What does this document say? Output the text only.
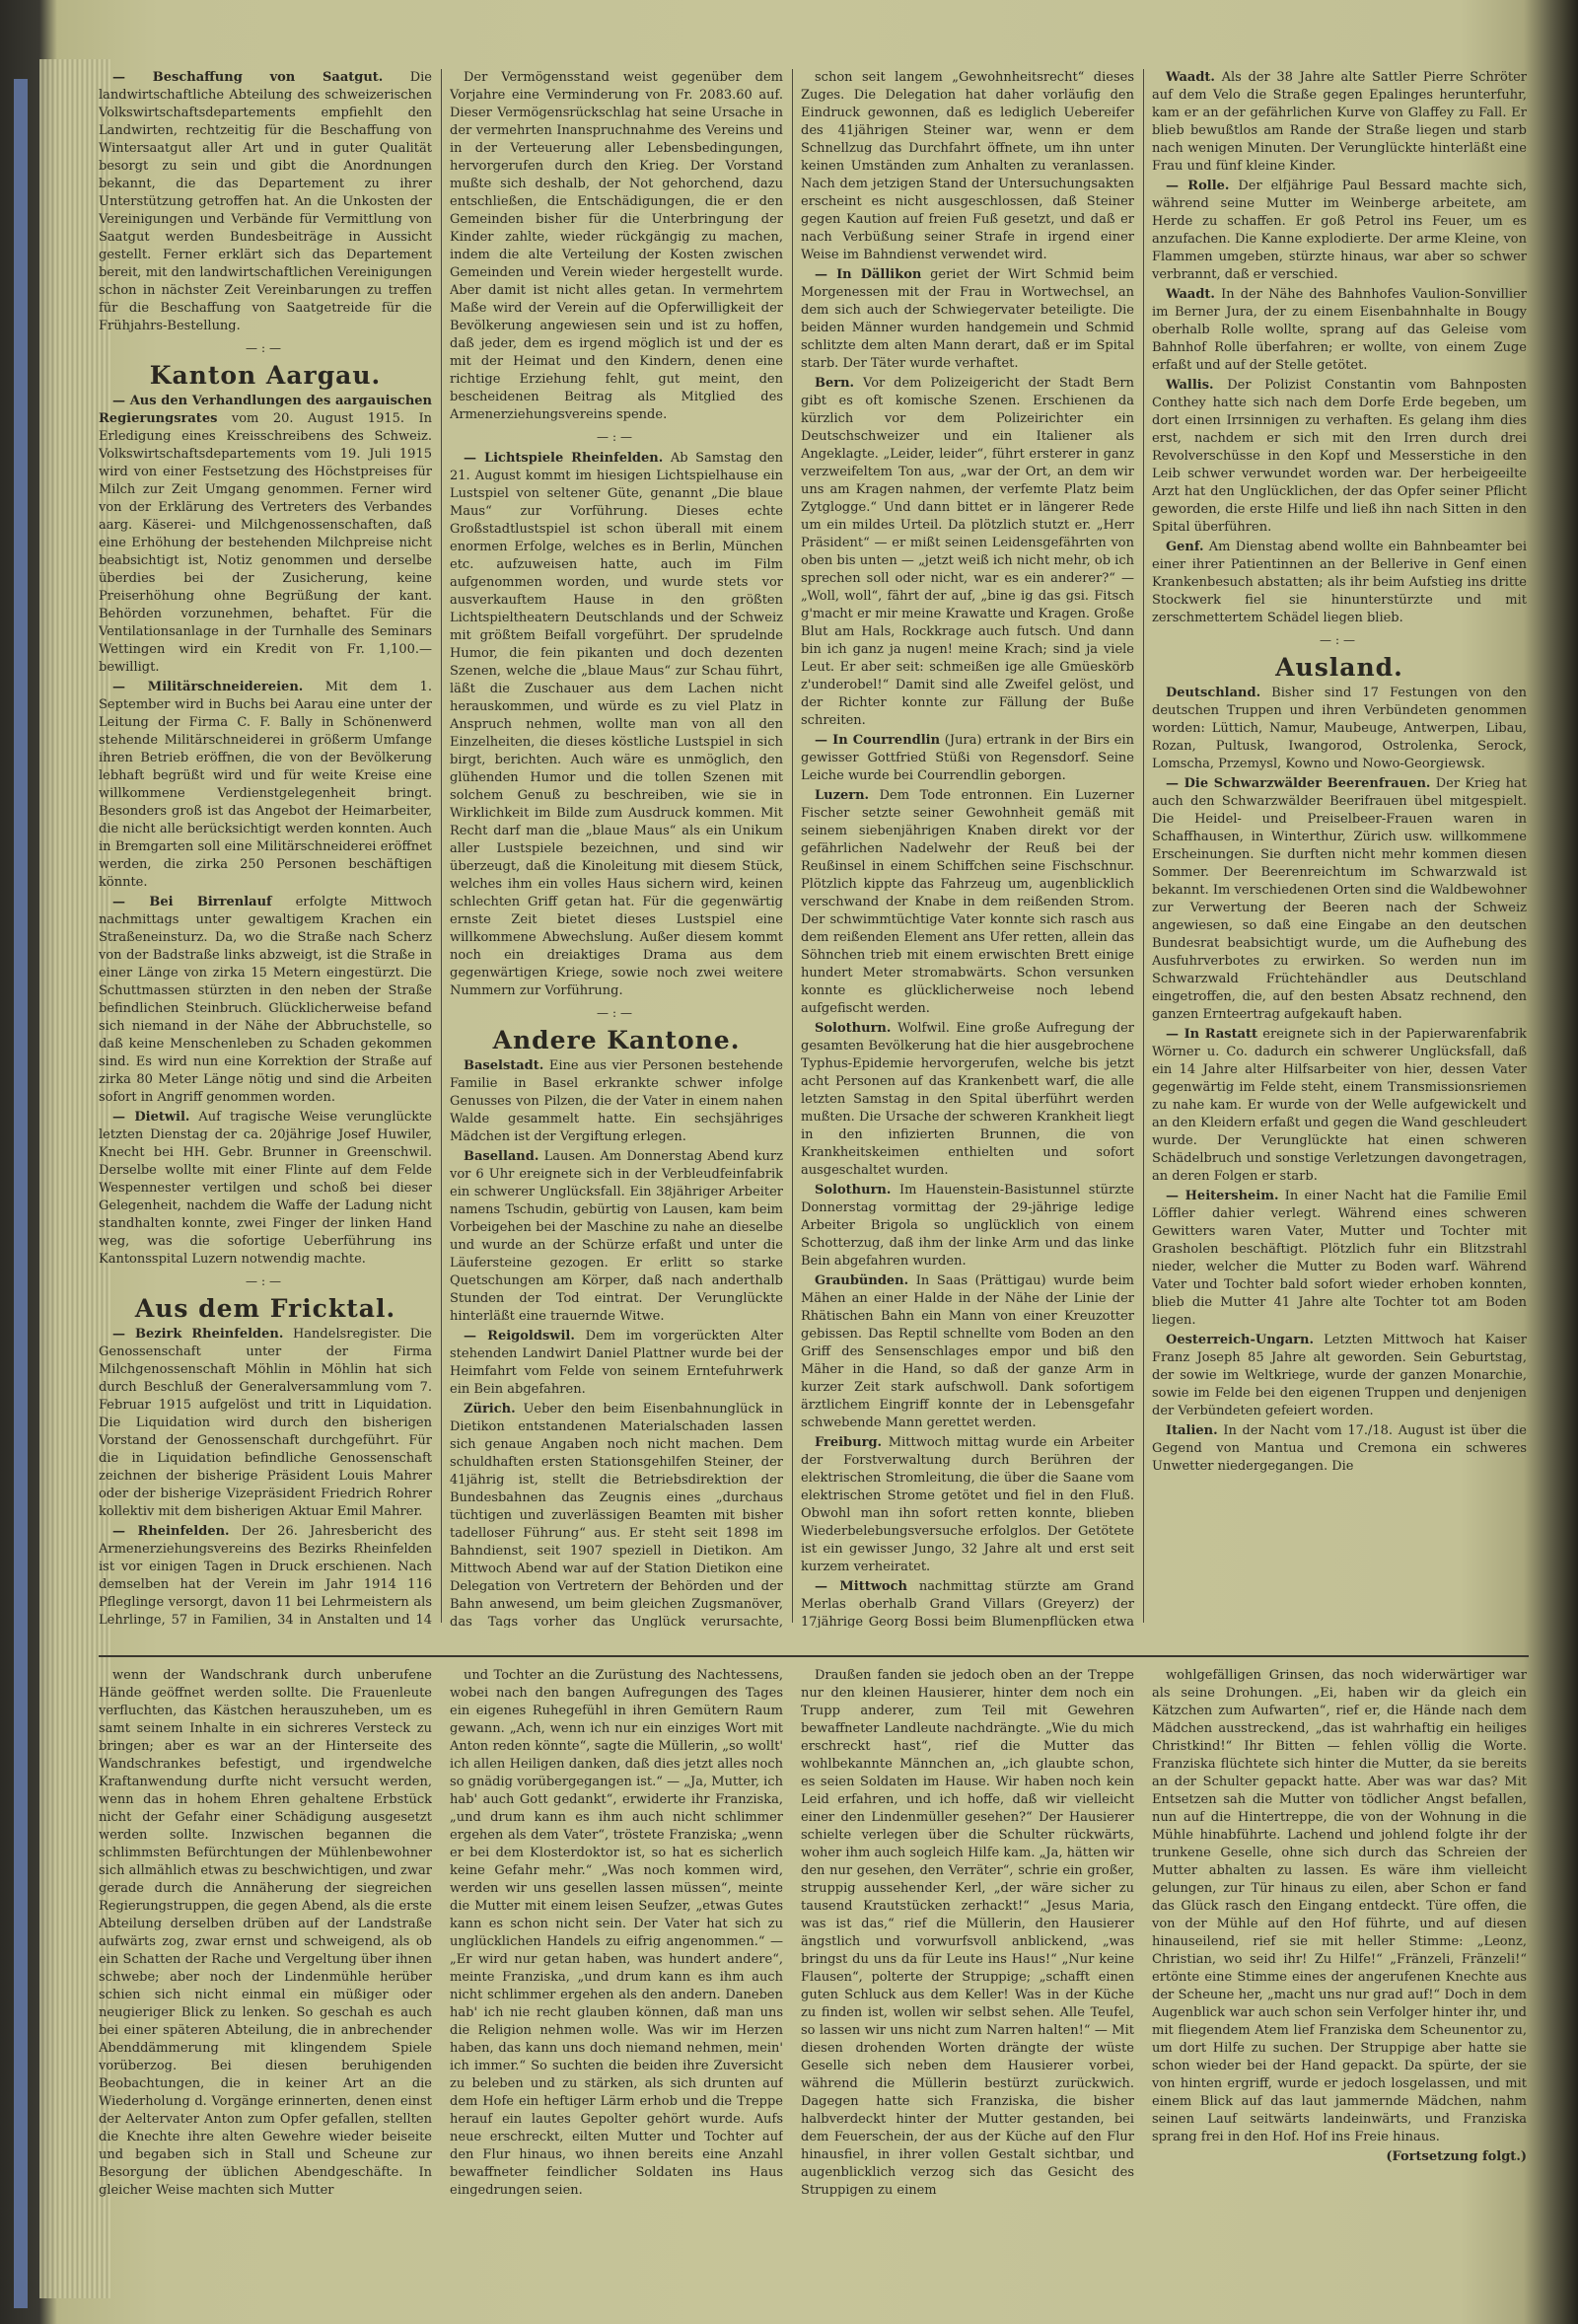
— Beschaffung von Saatgut. Die landwirtschaftliche Abteilung des schweizerischen Volkswirtschaftsdepartements empfiehlt den Landwirten, rechtzeitig für die Beschaffung von Wintersaatgut aller Art und in guter Qualität besorgt zu sein und gibt die Anordnungen bekannt, die das Departement zu ihrer Unterstützung getroffen hat. An die Unkosten der Vereinigungen und Verbände für Vermittlung von Saatgut werden Bundesbeiträge in Aussicht gestellt. Ferner erklärt sich das Departement bereit, mit den landwirtschaftlichen Vereinigungen schon in nächster Zeit Vereinbarungen zu treffen für die Beschaffung von Saatgetreide für die Frühjahrs-Bestellung.

—:—
Kanton Aargau.

— Aus den Verhandlungen des aargauischen Regierungsrates vom 20. August 1915. In Erledigung eines Kreisschreibens des Schweiz. Volkswirtschaftsdepartements vom 19. Juli 1915 wird von einer Festsetzung des Höchstpreises für Milch zur Zeit Umgang genommen. Ferner wird von der Erklärung des Vertreters des Verbandes aarg. Käserei- und Milchgenossenschaften, daß eine Erhöhung der bestehenden Milchpreise nicht beabsichtigt ist, Notiz genommen und derselbe überdies bei der Zusicherung, keine Preiserhöhung ohne Begrüßung der kant. Behörden vorzunehmen, behaftet. Für die Ventilationsanlage in der Turnhalle des Seminars Wettingen wird ein Kredit von Fr. 1,100.— bewilligt.

— Militärschneidereien. Mit dem 1. September wird in Buchs bei Aarau eine unter der Leitung der Firma C. F. Bally in Schönenwerd stehende Militärschneiderei in größerm Umfange ihren Betrieb eröffnen, die von der Bevölkerung lebhaft begrüßt wird und für weite Kreise eine willkommene Verdienstgelegenheit bringt. Besonders groß ist das Angebot der Heimarbeiter, die nicht alle berücksichtigt werden konnten. Auch in Bremgarten soll eine Militärschneiderei eröffnet werden, die zirka 250 Personen beschäftigen könnte.

— Bei Birrenlauf erfolgte Mittwoch nachmittags unter gewaltigem Krachen ein Straßeneinsturz. Da, wo die Straße nach Scherz von der Badstraße links abzweigt, ist die Straße in einer Länge von zirka 15 Metern eingestürzt. Die Schuttmassen stürzten in den neben der Straße befindlichen Steinbruch. Glücklicherweise befand sich niemand in der Nähe der Abbruchstelle, so daß keine Menschenleben zu Schaden gekommen sind. Es wird nun eine Korrektion der Straße auf zirka 80 Meter Länge nötig und sind die Arbeiten sofort in Angriff genommen worden.

— Dietwil. Auf tragische Weise verunglückte letzten Dienstag der ca. 20jährige Josef Huwiler, Knecht bei HH. Gebr. Brunner in Greenschwil. Derselbe wollte mit einer Flinte auf dem Felde Wespennester vertilgen und schoß bei dieser Gelegenheit, nachdem die Waffe der Ladung nicht standhalten konnte, zwei Finger der linken Hand weg, was die sofortige Ueberführung ins Kantonsspital Luzern notwendig machte.

—:—
Aus dem Fricktal.

— Bezirk Rheinfelden. Handelsregister. Die Genossenschaft unter der Firma Milchgenossenschaft Möhlin in Möhlin hat sich durch Beschluß der Generalversammlung vom 7. Februar 1915 aufgelöst und tritt in Liquidation. Die Liquidation wird durch den bisherigen Vorstand der Genossenschaft durchgeführt. Für die in Liquidation befindliche Genossenschaft zeichnen der bisherige Präsident Louis Mahrer oder der bisherige Vizepräsident Friedrich Rohrer kollektiv mit dem bisherigen Aktuar Emil Mahrer.

— Rheinfelden. Der 26. Jahresbericht des Armenerziehungsvereins des Bezirks Rheinfelden ist vor einigen Tagen in Druck erschienen. Nach demselben hat der Verein im Jahr 1914 116 Pfleglinge versorgt, davon 11 bei Lehrmeistern als Lehrlinge, 57 in Familien, 34 in Anstalten und 14

Der Vermögensstand weist gegenüber dem Vorjahre eine Verminderung von Fr. 2083.60 auf. Dieser Vermögensrückschlag hat seine Ursache in der vermehrten Inanspruchnahme des Vereins und in der Verteuerung aller Lebensbedingungen, hervorgerufen durch den Krieg. Der Vorstand mußte sich deshalb, der Not gehorchend, dazu entschließen, die Entschädigungen, die er den Gemeinden bisher für die Unterbringung der Kinder zahlte, wieder rückgängig zu machen, indem die alte Verteilung der Kosten zwischen Gemeinden und Verein wieder hergestellt wurde. Aber damit ist nicht alles getan. In vermehrtem Maße wird der Verein auf die Opferwilligkeit der Bevölkerung angewiesen sein und ist zu hoffen, daß jeder, dem es irgend möglich ist und der es mit der Heimat und den Kindern, denen eine richtige Erziehung fehlt, gut meint, den bescheidenen Beitrag als Mitglied des Armenerziehungsvereins spende.

—:—

— Lichtspiele Rheinfelden. Ab Samstag den 21. August kommt im hiesigen Lichtspielhause ein Lustspiel von seltener Güte, genannt „Die blaue Maus“ zur Vorführung. Dieses echte Großstadtlustspiel ist schon überall mit einem enormen Erfolge, welches es in Berlin, München etc. aufzuweisen hatte, auch im Film aufgenommen worden, und wurde stets vor ausverkauftem Hause in den größten Lichtspieltheatern Deutschlands und der Schweiz mit größtem Beifall vorgeführt. Der sprudelnde Humor, die fein pikanten und doch dezenten Szenen, welche die „blaue Maus“ zur Schau führt, läßt die Zuschauer aus dem Lachen nicht herauskommen, und würde es zu viel Platz in Anspruch nehmen, wollte man von all den Einzelheiten, die dieses köstliche Lustspiel in sich birgt, berichten. Auch wäre es unmöglich, den glühenden Humor und die tollen Szenen mit solchem Genuß zu beschreiben, wie sie in Wirklichkeit im Bilde zum Ausdruck kommen. Mit Recht darf man die „blaue Maus“ als ein Unikum aller Lustspiele bezeichnen, und sind wir überzeugt, daß die Kinoleitung mit diesem Stück, welches ihm ein volles Haus sichern wird, keinen schlechten Griff getan hat. Für die gegenwärtig ernste Zeit bietet dieses Lustspiel eine willkommene Abwechslung. Außer diesem kommt noch ein dreiaktiges Drama aus dem gegenwärtigen Kriege, sowie noch zwei weitere Nummern zur Vorführung.

—:—
Andere Kantone.

Baselstadt. Eine aus vier Personen bestehende Familie in Basel erkrankte schwer infolge Genusses von Pilzen, die der Vater in einem nahen Walde gesammelt hatte. Ein sechsjähriges Mädchen ist der Vergiftung erlegen.

Baselland. Lausen. Am Donnerstag Abend kurz vor 6 Uhr ereignete sich in der Verbleudfeinfabrik ein schwerer Unglücksfall. Ein 38jähriger Arbeiter namens Tschudin, gebürtig von Lausen, kam beim Vorbeigehen bei der Maschine zu nahe an dieselbe und wurde an der Schürze erfaßt und unter die Läufersteine gezogen. Er erlitt so starke Quetschungen am Körper, daß nach anderthalb Stunden der Tod eintrat. Der Verunglückte hinterläßt eine trauernde Witwe.

— Reigoldswil. Dem im vorgerückten Alter stehenden Landwirt Daniel Plattner wurde bei der Heimfahrt vom Felde von seinem Erntefuhrwerk ein Bein abgefahren.

Zürich. Ueber den beim Eisenbahnunglück in Dietikon entstandenen Materialschaden lassen sich genaue Angaben noch nicht machen. Dem schuldhaften ersten Stationsgehilfen Steiner, der 41jährig ist, stellt die Betriebsdirektion der Bundesbahnen das Zeugnis eines „durchaus tüchtigen und zuverlässigen Beamten mit bisher tadelloser Führung“ aus. Er steht seit 1898 im Bahndienst, seit 1907 speziell in Dietikon. Am Mittwoch Abend war auf der Station Dietikon eine Delegation von Vertretern der Behörden und der Bahn anwesend, um beim gleichen Zugsmanöver, das Tags vorher das Unglück verursachte,

schon seit langem „Gewohnheitsrecht“ dieses Zuges. Die Delegation hat daher vorläufig den Eindruck gewonnen, daß es lediglich Uebereifer des 41jährigen Steiner war, wenn er dem Schnellzug das Durchfahrt öffnete, um ihn unter keinen Umständen zum Anhalten zu veranlassen. Nach dem jetzigen Stand der Untersuchungsakten erscheint es nicht ausgeschlossen, daß Steiner gegen Kaution auf freien Fuß gesetzt, und daß er nach Verbüßung seiner Strafe in irgend einer Weise im Bahndienst verwendet wird.

— In Dällikon geriet der Wirt Schmid beim Morgenessen mit der Frau in Wortwechsel, an dem sich auch der Schwiegervater beteiligte. Die beiden Männer wurden handgemein und Schmid schlitzte dem alten Mann derart, daß er im Spital starb. Der Täter wurde verhaftet.

Bern. Vor dem Polizeigericht der Stadt Bern gibt es oft komische Szenen. Erschienen da kürzlich vor dem Polizeirichter ein Deutschschweizer und ein Italiener als Angeklagte. „Leider, leider“, führt ersterer in ganz verzweifeltem Ton aus, „war der Ort, an dem wir uns am Kragen nahmen, der verfemte Platz beim Zytglogge.“ Und dann bittet er in längerer Rede um ein mildes Urteil. Da plötzlich stutzt er. „Herr Präsident“ — er mißt seinen Leidensgefährten von oben bis unten — „jetzt weiß ich nicht mehr, ob ich sprechen soll oder nicht, war es ein anderer?“ — „Woll, woll“, fährt der auf, „bine ig das gsi. Fitsch g'macht er mir meine Krawatte und Kragen. Große Blut am Hals, Rockkrage auch futsch. Und dann bin ich ganz ja nugen! meine Krach; sind ja viele Leut. Er aber seit: schmeißen ige alle Gmüeskörb z'underobel!“ Damit sind alle Zweifel gelöst, und der Richter konnte zur Fällung der Buße schreiten.

— In Courrendlin (Jura) ertrank in der Birs ein gewisser Gottfried Stüßi von Regensdorf. Seine Leiche wurde bei Courrendlin geborgen.

Luzern. Dem Tode entronnen. Ein Luzerner Fischer setzte seiner Gewohnheit gemäß mit seinem siebenjährigen Knaben direkt vor der gefährlichen Nadelwehr der Reuß bei der Reußinsel in einem Schiffchen seine Fischschnur. Plötzlich kippte das Fahrzeug um, augenblicklich verschwand der Knabe in dem reißenden Strom. Der schwimmtüchtige Vater konnte sich rasch aus dem reißenden Element ans Ufer retten, allein das Söhnchen trieb mit einem erwischten Brett einige hundert Meter stromabwärts. Schon versunken konnte es glücklicherweise noch lebend aufgefischt werden.

Solothurn. Wolfwil. Eine große Aufregung der gesamten Bevölkerung hat die hier ausgebrochene Typhus-Epidemie hervorgerufen, welche bis jetzt acht Personen auf das Krankenbett warf, die alle letzten Samstag in den Spital überführt werden mußten. Die Ursache der schweren Krankheit liegt in den infizierten Brunnen, die von Krankheitskeimen enthielten und sofort ausgeschaltet wurden.

Solothurn. Im Hauenstein-Basistunnel stürzte Donnerstag vormittag der 29-jährige ledige Arbeiter Brigola so unglücklich von einem Schotterzug, daß ihm der linke Arm und das linke Bein abgefahren wurden.

Graubünden. In Saas (Prättigau) wurde beim Mähen an einer Halde in der Nähe der Linie der Rhätischen Bahn ein Mann von einer Kreuzotter gebissen. Das Reptil schnellte vom Boden an den Griff des Sensenschlages empor und biß den Mäher in die Hand, so daß der ganze Arm in kurzer Zeit stark aufschwoll. Dank sofortigem ärztlichem Eingriff konnte der in Lebensgefahr schwebende Mann gerettet werden.

Freiburg. Mittwoch mittag wurde ein Arbeiter der Forstverwaltung durch Berühren der elektrischen Stromleitung, die über die Saane vom elektrischen Strome getötet und fiel in den Fluß. Obwohl man ihn sofort retten konnte, blieben Wiederbelebungsversuche erfolglos. Der Getötete ist ein gewisser Jungo, 32 Jahre alt und erst seit kurzem verheiratet.

— Mittwoch nachmittag stürzte am Grand Merlas oberhalb Grand Villars (Greyerz) der 17jährige Georg Bossi beim Blumenpflücken etwa

Waadt. Als der 38 Jahre alte Sattler Pierre Schröter auf dem Velo die Straße gegen Epalinges herunterfuhr, kam er an der gefährlichen Kurve von Glaffey zu Fall. Er blieb bewußtlos am Rande der Straße liegen und starb nach wenigen Minuten. Der Verunglückte hinterläßt eine Frau und fünf kleine Kinder.

— Rolle. Der elfjährige Paul Bessard machte sich, während seine Mutter im Weinberge arbeitete, am Herde zu schaffen. Er goß Petrol ins Feuer, um es anzufachen. Die Kanne explodierte. Der arme Kleine, von Flammen umgeben, stürzte hinaus, war aber so schwer verbrannt, daß er verschied.

Waadt. In der Nähe des Bahnhofes Vaulion-Sonvillier im Berner Jura, der zu einem Eisenbahnhalte in Bougy oberhalb Rolle wollte, sprang auf das Geleise vom Bahnhof Rolle überfahren; er wollte, von einem Zuge erfaßt und auf der Stelle getötet.

Wallis. Der Polizist Constantin vom Bahnposten Conthey hatte sich nach dem Dorfe Erde begeben, um dort einen Irrsinnigen zu verhaften. Es gelang ihm dies erst, nachdem er sich mit den Irren durch drei Revolverschüsse in den Kopf und Messerstiche in den Leib schwer verwundet worden war. Der herbeigeeilte Arzt hat den Unglücklichen, der das Opfer seiner Pflicht geworden, die erste Hilfe und ließ ihn nach Sitten in den Spital überführen.

Genf. Am Dienstag abend wollte ein Bahnbeamter bei einer ihrer Patientinnen an der Bellerive in Genf einen Krankenbesuch abstatten; als ihr beim Aufstieg ins dritte Stockwerk fiel sie hinunterstürzte und mit zerschmettertem Schädel liegen blieb.

—:—
Ausland.

Deutschland. Bisher sind 17 Festungen von den deutschen Truppen und ihren Verbündeten genommen worden: Lüttich, Namur, Maubeuge, Antwerpen, Libau, Rozan, Pultusk, Iwangorod, Ostrolenka, Serock, Lomscha, Przemysl, Kowno und Nowo-Georgiewsk.

— Die Schwarzwälder Beerenfrauen. Der Krieg hat auch den Schwarzwälder Beerifrauen übel mitgespielt. Die Heidel- und Preiselbeer-Frauen waren in Schaffhausen, in Winterthur, Zürich usw. willkommene Erscheinungen. Sie durften nicht mehr kommen diesen Sommer. Der Beerenreichtum im Schwarzwald ist bekannt. Im verschiedenen Orten sind die Waldbewohner zur Verwertung der Beeren nach der Schweiz angewiesen, so daß eine Eingabe an den deutschen Bundesrat beabsichtigt wurde, um die Aufhebung des Ausfuhrverbotes zu erwirken. So werden nun im Schwarzwald Früchtehändler aus Deutschland eingetroffen, die, auf den besten Absatz rechnend, den ganzen Ernteertrag aufgekauft haben.

— In Rastatt ereignete sich in der Papierwarenfabrik Wörner u. Co. dadurch ein schwerer Unglücksfall, daß ein 14 Jahre alter Hilfsarbeiter von hier, dessen Vater gegenwärtig im Felde steht, einem Transmissionsriemen zu nahe kam. Er wurde von der Welle aufgewickelt und an den Kleidern erfaßt und gegen die Wand geschleudert wurde. Der Verunglückte hat einen schweren Schädelbruch und sonstige Verletzungen davongetragen, an deren Folgen er starb.

— Heitersheim. In einer Nacht hat die Familie Emil Löffler dahier verlegt. Während eines schweren Gewitters waren Vater, Mutter und Tochter mit Grasholen beschäftigt. Plötzlich fuhr ein Blitzstrahl nieder, welcher die Mutter zu Boden warf. Während Vater und Tochter bald sofort wieder erhoben konnten, blieb die Mutter 41 Jahre alte Tochter tot am Boden liegen.

Oesterreich-Ungarn. Letzten Mittwoch hat Kaiser Franz Joseph 85 Jahre alt geworden. Sein Geburtstag, der sowie im Weltkriege, wurde der ganzen Monarchie, sowie im Felde bei den eigenen Truppen und denjenigen der Verbündeten gefeiert worden.

Italien. In der Nacht vom 17./18. August ist über die Gegend von Mantua und Cremona ein schweres Unwetter niedergegangen. Die

wenn der Wandschrank durch unberufene Hände geöffnet werden sollte. Die Frauenleute verfluchten, das Kästchen herauszuheben, um es samt seinem Inhalte in ein sichreres Versteck zu bringen; aber es war an der Hinterseite des Wandschrankes befestigt, und irgendwelche Kraftanwendung durfte nicht versucht werden, wenn das in hohem Ehren gehaltene Erbstück nicht der Gefahr einer Schädigung ausgesetzt werden sollte. Inzwischen begannen die schlimmsten Befürchtungen der Mühlenbewohner sich allmählich etwas zu beschwichtigen, und zwar gerade durch die Annäherung der siegreichen Regierungstruppen, die gegen Abend, als die erste Abteilung derselben drüben auf der Landstraße aufwärts zog, zwar ernst und schweigend, als ob ein Schatten der Rache und Vergeltung über ihnen schwebe; aber noch der Lindenmühle herüber schien sich nicht einmal ein müßiger oder neugieriger Blick zu lenken. So geschah es auch bei einer späteren Abteilung, die in anbrechender Abenddämmerung mit klingendem Spiele vorüberzog. Bei diesen beruhigenden Beobachtungen, die in keiner Art an die Wiederholung d. Vorgänge erinnerten, denen einst der Aeltervater Anton zum Opfer gefallen, stellten die Knechte ihre alten Gewehre wieder beiseite und begaben sich in Stall und Scheune zur Besorgung der üblichen Abendgeschäfte. In gleicher Weise machten sich Mutter

und Tochter an die Zurüstung des Nachtessens, wobei nach den bangen Aufregungen des Tages ein eigenes Ruhegefühl in ihren Gemütern Raum gewann. „Ach, wenn ich nur ein einziges Wort mit Anton reden könnte“, sagte die Müllerin, „so wollt' ich allen Heiligen danken, daß dies jetzt alles noch so gnädig vorübergegangen ist.“ — „Ja, Mutter, ich hab' auch Gott gedankt“, erwiderte ihr Franziska, „und drum kann es ihm auch nicht schlimmer ergehen als dem Vater“, tröstete Franziska; „wenn er bei dem Klosterdoktor ist, so hat es sicherlich keine Gefahr mehr.“ „Was noch kommen wird, werden wir uns gesellen lassen müssen“, meinte die Mutter mit einem leisen Seufzer, „etwas Gutes kann es schon nicht sein. Der Vater hat sich zu unglücklichen Handels zu eifrig angenommen.“ — „Er wird nur getan haben, was hundert andere“, meinte Franziska, „und drum kann es ihm auch nicht schlimmer ergehen als den andern. Daneben hab' ich nie recht glauben können, daß man uns die Religion nehmen wolle. Was wir im Herzen haben, das kann uns doch niemand nehmen, mein' ich immer.“ So suchten die beiden ihre Zuversicht zu beleben und zu stärken, als sich drunten auf dem Hofe ein heftiger Lärm erhob und die Treppe herauf ein lautes Gepolter gehört wurde. Aufs neue erschreckt, eilten Mutter und Tochter auf den Flur hinaus, wo ihnen bereits eine Anzahl bewaffneter feindlicher Soldaten ins Haus eingedrungen seien.

Draußen fanden sie jedoch oben an der Treppe nur den kleinen Hausierer, hinter dem noch ein Trupp anderer, zum Teil mit Gewehren bewaffneter Landleute nachdrängte. „Wie du mich erschreckt hast“, rief die Mutter das wohlbekannte Männchen an, „ich glaubte schon, es seien Soldaten im Hause. Wir haben noch kein Leid erfahren, und ich hoffe, daß wir vielleicht einer den Lindenmüller gesehen?“ Der Hausierer schielte verlegen über die Schulter rückwärts, woher ihm auch sogleich Hilfe kam. „Ja, hätten wir den nur gesehen, den Verräter“, schrie ein großer, struppig aussehender Kerl, „der wäre sicher zu tausend Krautstücken zerhackt!“ „Jesus Maria, was ist das,“ rief die Müllerin, den Hausierer ängstlich und vorwurfsvoll anblickend, „was bringst du uns da für Leute ins Haus!“ „Nur keine Flausen“, polterte der Struppige; „schafft einen guten Schluck aus dem Keller! Was in der Küche zu finden ist, wollen wir selbst sehen. Alle Teufel, so lassen wir uns nicht zum Narren halten!“ — Mit diesen drohenden Worten drängte der wüste Geselle sich neben dem Hausierer vorbei, während die Müllerin bestürzt zurückwich. Dagegen hatte sich Franziska, die bisher halbverdeckt hinter der Mutter gestanden, bei dem Feuerschein, der aus der Küche auf den Flur hinausfiel, in ihrer vollen Gestalt sichtbar, und augenblicklich verzog sich das Gesicht des Struppigen zu einem

wohlgefälligen Grinsen, das noch widerwärtiger war als seine Drohungen. „Ei, haben wir da gleich ein Kätzchen zum Aufwarten“, rief er, die Hände nach dem Mädchen ausstreckend, „das ist wahrhaftig ein heiliges Christkind!“ Ihr Bitten — fehlen völlig die Worte. Franziska flüchtete sich hinter die Mutter, da sie bereits an der Schulter gepackt hatte. Aber was war das? Mit Entsetzen sah die Mutter von tödlicher Angst befallen, nun auf die Hintertreppe, die von der Wohnung in die Mühle hinabführte. Lachend und johlend folgte ihr der trunkene Geselle, ohne sich durch das Schreien der Mutter abhalten zu lassen. Es wäre ihm vielleicht gelungen, zur Tür hinaus zu eilen, aber Schon er fand das Glück rasch den Eingang entdeckt. Türe offen, die von der Mühle auf den Hof führte, und auf diesen hinauseilend, rief sie mit heller Stimme: „Leonz, Christian, wo seid ihr! Zu Hilfe!“ „Fränzeli, Fränzeli!“ ertönte eine Stimme eines der angerufenen Knechte aus der Scheune her, „macht uns nur grad auf!“ Doch in dem Augenblick war auch schon sein Verfolger hinter ihr, und mit fliegendem Atem lief Franziska dem Scheunentor zu, um dort Hilfe zu suchen. Der Struppige aber hatte sie schon wieder bei der Hand gepackt. Da spürte, der sie von hinten ergriff, wurde er jedoch losgelassen, und mit einem Blick auf das laut jammernde Mädchen, nahm seinen Lauf seitwärts landeinwärts, und Franziska sprang frei in den Hof. Hof ins Freie hinaus.

(Fortsetzung folgt.)
